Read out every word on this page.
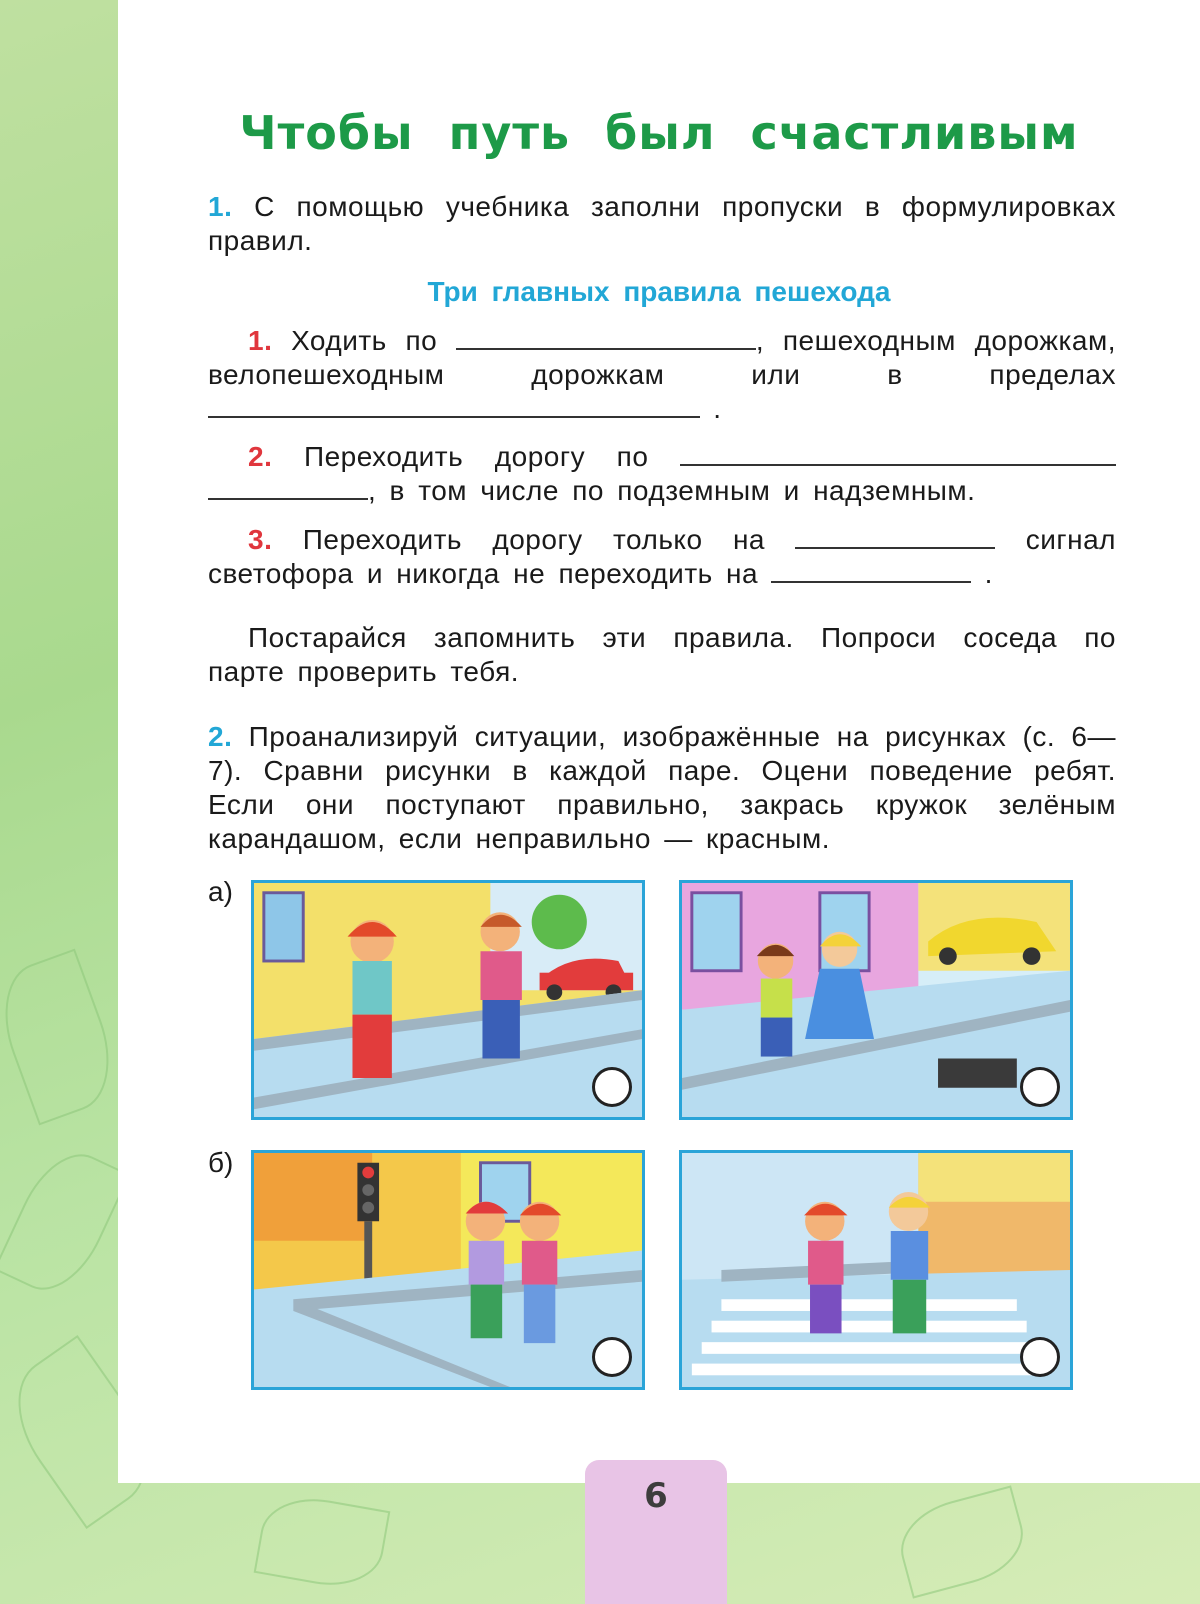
Чтобы путь был счастливым
1. С помощью учебника заполни пропуски в формулировках правил.
Три главных правила пешехода
1. Ходить по	, пешеходным дорожкам, велопешеходным дорожкам или в пределах  .
2. Переходить дорогу по  , в том числе по подземным и надземным.
3. Переходить дорогу только на	сигнал светофора и никогда не переходить на	.
Постарайся запомнить эти правила. Попроси соседа по парте проверить тебя.
2. Проанализируй ситуации, изображённые на рисунках (с. 6—7). Сравни рисунки в каждой паре. Оцени поведение ребят. Если они поступают правильно, закрась кружок зелёным карандашом, если неправильно — красным.
а)
б)
6
